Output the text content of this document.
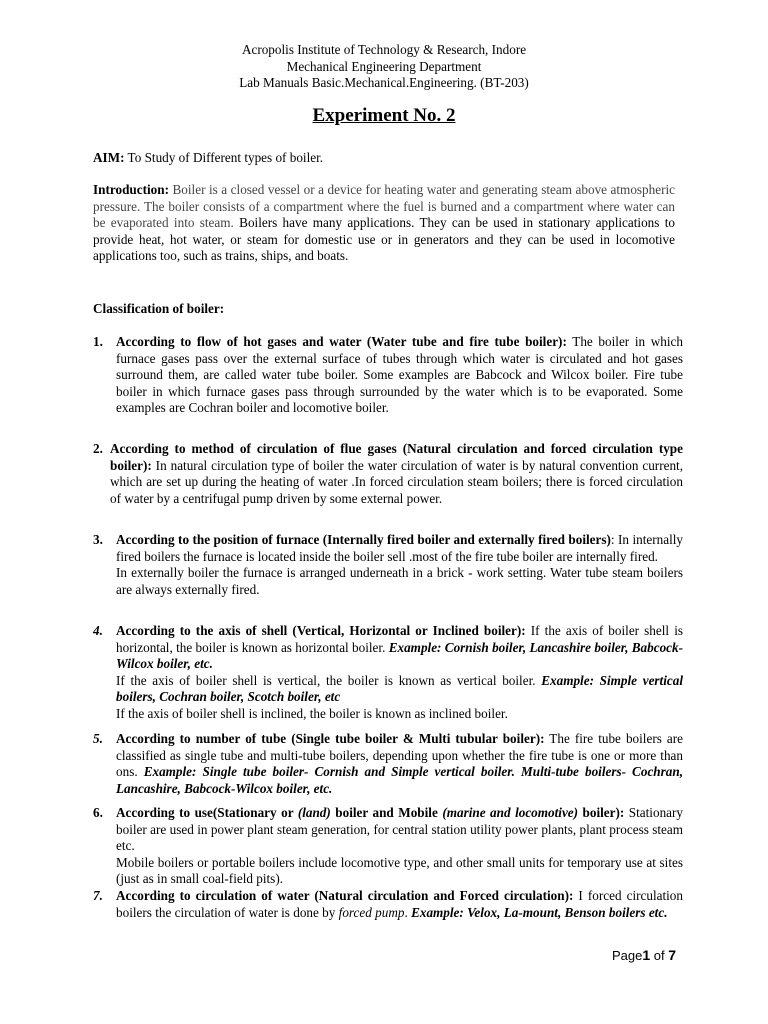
Acropolis Institute of Technology & Research, Indore
Mechanical Engineering Department
Lab Manuals Basic.Mechanical.Engineering. (BT-203)
Experiment No. 2
AIM: To Study of Different types of boiler.
Introduction: Boiler is a closed vessel or a device for heating water and generating steam above atmospheric pressure. The boiler consists of a compartment where the fuel is burned and a compartment where water can be evaporated into steam. Boilers have many applications. They can be used in stationary applications to provide heat, hot water, or steam for domestic use or in generators and they can be used in locomotive applications too, such as trains, ships, and boats.
Classification of boiler:
1. According to flow of hot gases and water (Water tube and fire tube boiler): The boiler in which furnace gases pass over the external surface of tubes through which water is circulated and hot gases surround them, are called water tube boiler. Some examples are Babcock and Wilcox boiler. Fire tube boiler in which furnace gases pass through surrounded by the water which is to be evaporated. Some examples are Cochran boiler and locomotive boiler.
2. According to method of circulation of flue gases (Natural circulation and forced circulation type boiler): In natural circulation type of boiler the water circulation of water is by natural convention current, which are set up during the heating of water .In forced circulation steam boilers; there is forced circulation of water by a centrifugal pump driven by some external power.
3. According to the position of furnace (Internally fired boiler and externally fired boilers): In internally fired boilers the furnace is located inside the boiler sell .most of the fire tube boiler are internally fired.

In externally boiler the furnace is arranged underneath in a brick - work setting. Water tube steam boilers are always externally fired.

4. According to the axis of shell (Vertical, Horizontal or Inclined boiler): If the axis of boiler shell is horizontal, the boiler is known as horizontal boiler. Example: Cornish boiler, Lancashire boiler, Babcock-Wilcox boiler, etc.

If the axis of boiler shell is vertical, the boiler is known as vertical boiler. Example: Simple vertical boilers, Cochran boiler, Scotch boiler, etc

If the axis of boiler shell is inclined, the boiler is known as inclined boiler.

5. According to number of tube (Single tube boiler & Multi tubular boiler): The fire tube boilers are classified as single tube and multi-tube boilers, depending upon whether the fire tube is one or more than ons. Example: Single tube boiler- Cornish and Simple vertical boiler. Multi-tube boilers- Cochran, Lancashire, Babcock-Wilcox boiler, etc.
6. According to use(Stationary or (land) boiler and Mobile (marine and locomotive) boiler): Stationary boiler are used in power plant steam generation, for central station utility power plants, plant process steam etc.

Mobile boilers or portable boilers include locomotive type, and other small units for temporary use at sites (just as in small coal-field pits).

7. According to circulation of water (Natural circulation and Forced circulation): I forced circulation boilers the circulation of water is done by forced pump. Example: Velox, La-mount, Benson boilers etc.
Page1 of 7
